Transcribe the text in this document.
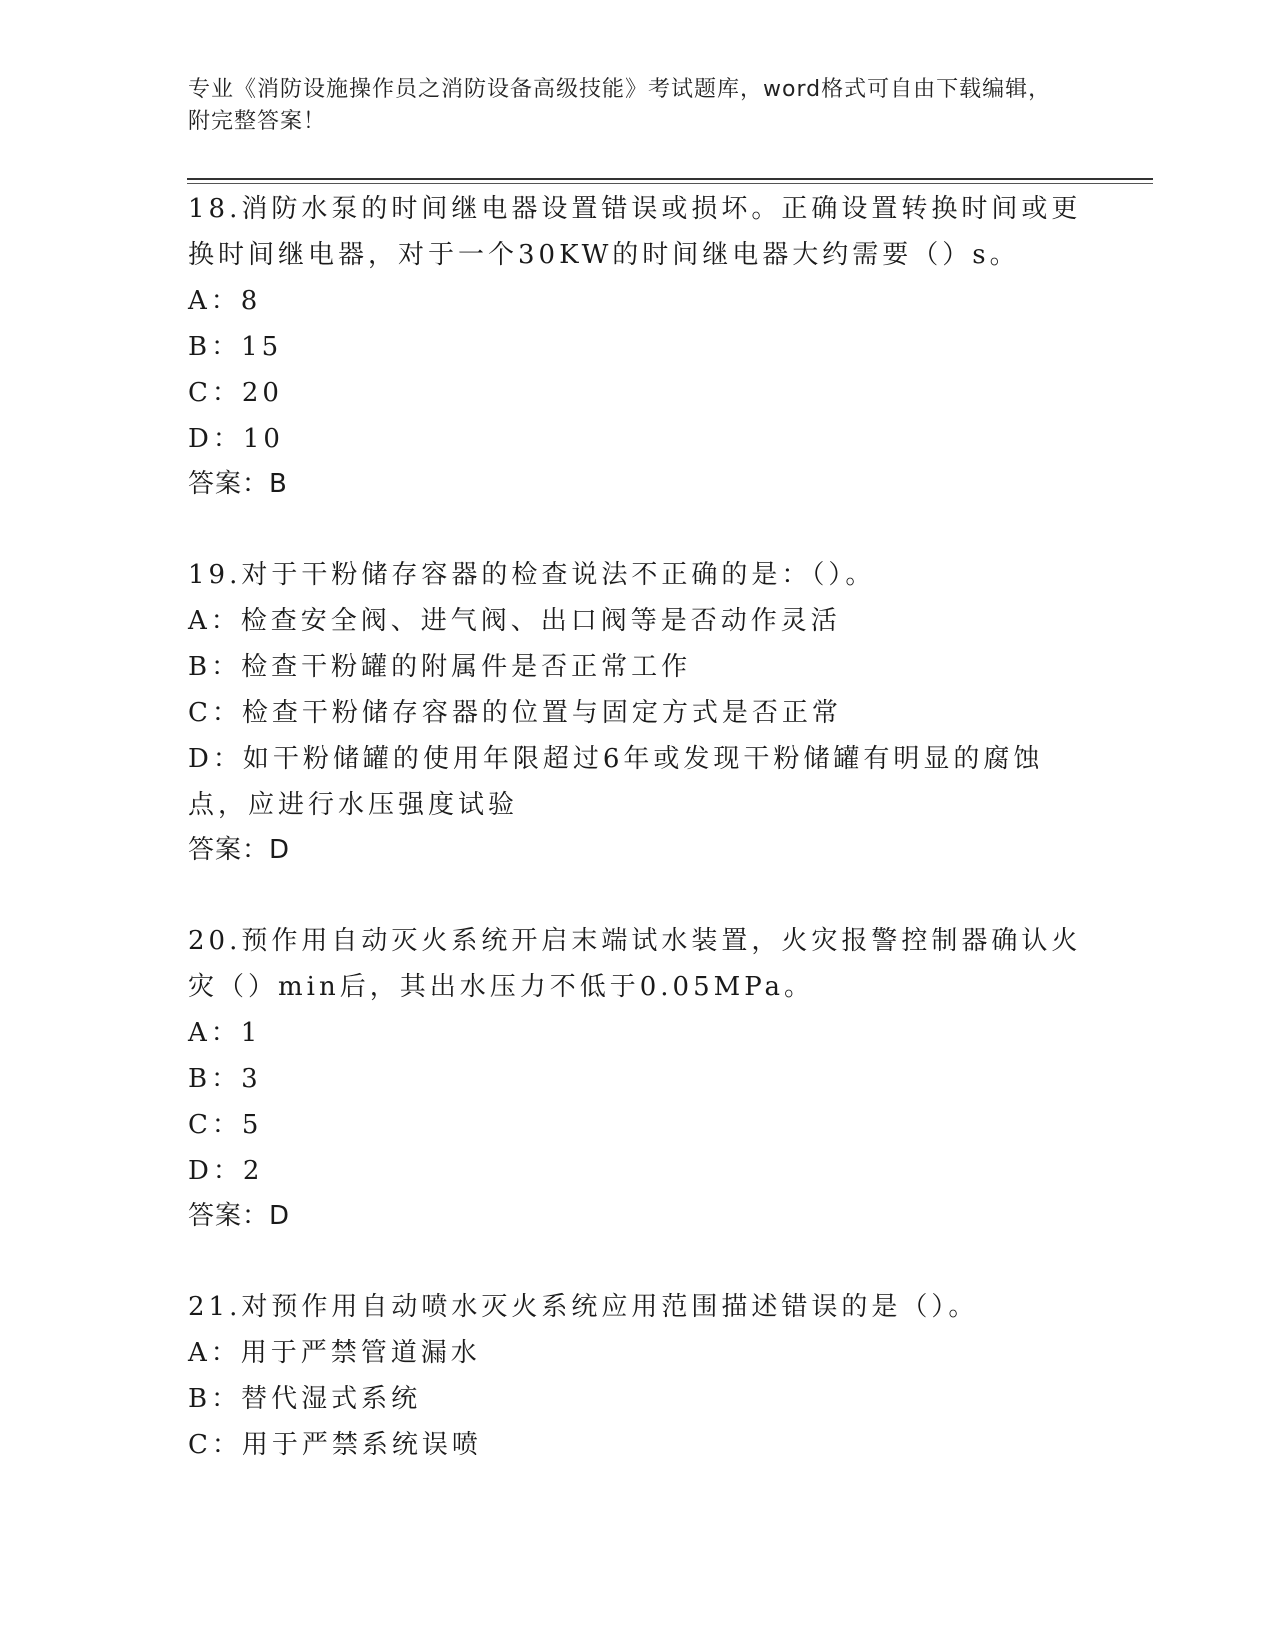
专业《消防设施操作员之消防设备高级技能》考试题库，word格式可自由下载编辑，附完整答案！
18.消防水泵的时间继电器设置错误或损坏。正确设置转换时间或更换时间继电器，对于一个30KW的时间继电器大约需要（）s。
A：8
B：15
C：20
D：10
答案：B
19.对于干粉储存容器的检查说法不正确的是：（）。
A：检查安全阀、进气阀、出口阀等是否动作灵活
B：检查干粉罐的附属件是否正常工作
C：检查干粉储存容器的位置与固定方式是否正常
D：如干粉储罐的使用年限超过6年或发现干粉储罐有明显的腐蚀点，应进行水压强度试验
答案：D
20.预作用自动灭火系统开启末端试水装置，火灾报警控制器确认火灾（）min后，其出水压力不低于0.05MPa。
A：1
B：3
C：5
D：2
答案：D
21.对预作用自动喷水灭火系统应用范围描述错误的是（）。
A：用于严禁管道漏水
B：替代湿式系统
C：用于严禁系统误喷
